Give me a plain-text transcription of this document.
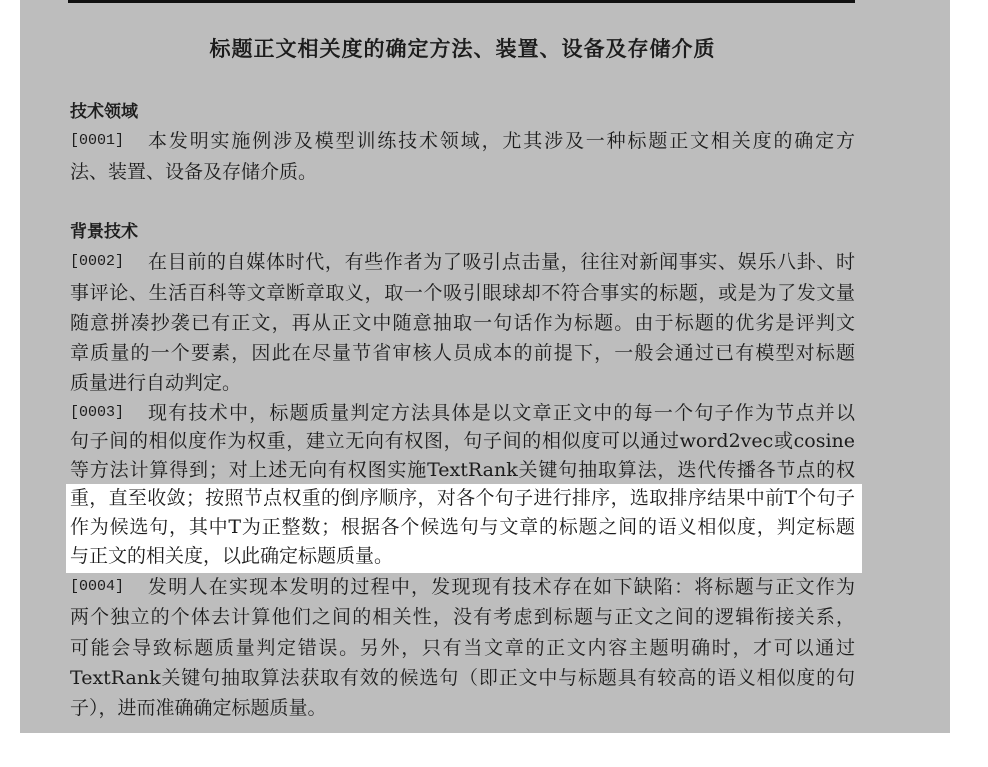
标题正文相关度的确定方法、装置、设备及存储介质
技术领域
[0001] 本发明实施例涉及模型训练技术领域，尤其涉及一种标题正文相关度的确定方
法、装置、设备及存储介质。
背景技术
[0002] 在目前的自媒体时代，有些作者为了吸引点击量，往往对新闻事实、娱乐八卦、时
事评论、生活百科等文章断章取义，取一个吸引眼球却不符合事实的标题，或是为了发文量
随意拼凑抄袭已有正文，再从正文中随意抽取一句话作为标题。由于标题的优劣是评判文
章质量的一个要素，因此在尽量节省审核人员成本的前提下，一般会通过已有模型对标题
质量进行自动判定。
[0003] 现有技术中，标题质量判定方法具体是以文章正文中的每一个句子作为节点并以
句子间的相似度作为权重，建立无向有权图，句子间的相似度可以通过word2vec或cosine
等方法计算得到；对上述无向有权图实施TextRank关键句抽取算法，迭代传播各节点的权
重，直至收敛；按照节点权重的倒序顺序，对各个句子进行排序，选取排序结果中前T个句子
作为候选句，其中T为正整数；根据各个候选句与文章的标题之间的语义相似度，判定标题
与正文的相关度，以此确定标题质量。
[0004] 发明人在实现本发明的过程中，发现现有技术存在如下缺陷：将标题与正文作为
两个独立的个体去计算他们之间的相关性，没有考虑到标题与正文之间的逻辑衔接关系，
可能会导致标题质量判定错误。另外，只有当文章的正文内容主题明确时，才可以通过
TextRank关键句抽取算法获取有效的候选句（即正文中与标题具有较高的语义相似度的句
子），进而准确确定标题质量。
